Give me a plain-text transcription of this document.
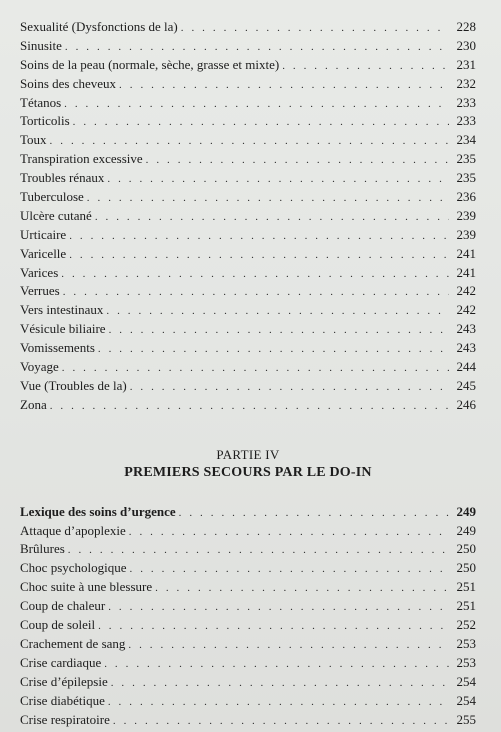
Sexualité (Dysfonctions de la) . . .	228
Sinusite . . .	230
Soins de la peau (normale, sèche, grasse et mixte) . . .	231
Soins des cheveux . . .	232
Tétanos . . .	233
Torticolis . . .	233
Toux . . .	234
Transpiration excessive . . .	235
Troubles rénaux . . .	235
Tuberculose . . .	236
Ulcère cutané . . .	239
Urticaire . . .	239
Varicelle . . .	241
Varices . . .	241
Verrues . . .	242
Vers intestinaux . . .	242
Vésicule biliaire . . .	243
Vomissements . . .	243
Voyage . . .	244
Vue (Troubles de la) . . .	245
Zona . . .	246
PARTIE IV
PREMIERS SECOURS PAR LE DO-IN
Lexique des soins d’urgence . . .	249
Attaque d’apoplexie . . .	249
Brûlures . . .	250
Choc psychologique . . .	250
Choc suite à une blessure . . .	251
Coup de chaleur . . .	251
Coup de soleil . . .	252
Crachement de sang . . .	253
Crise cardiaque . . .	253
Crise d’épilepsie . . .	254
Crise diabétique . . .	254
Crise respiratoire . . .	255
